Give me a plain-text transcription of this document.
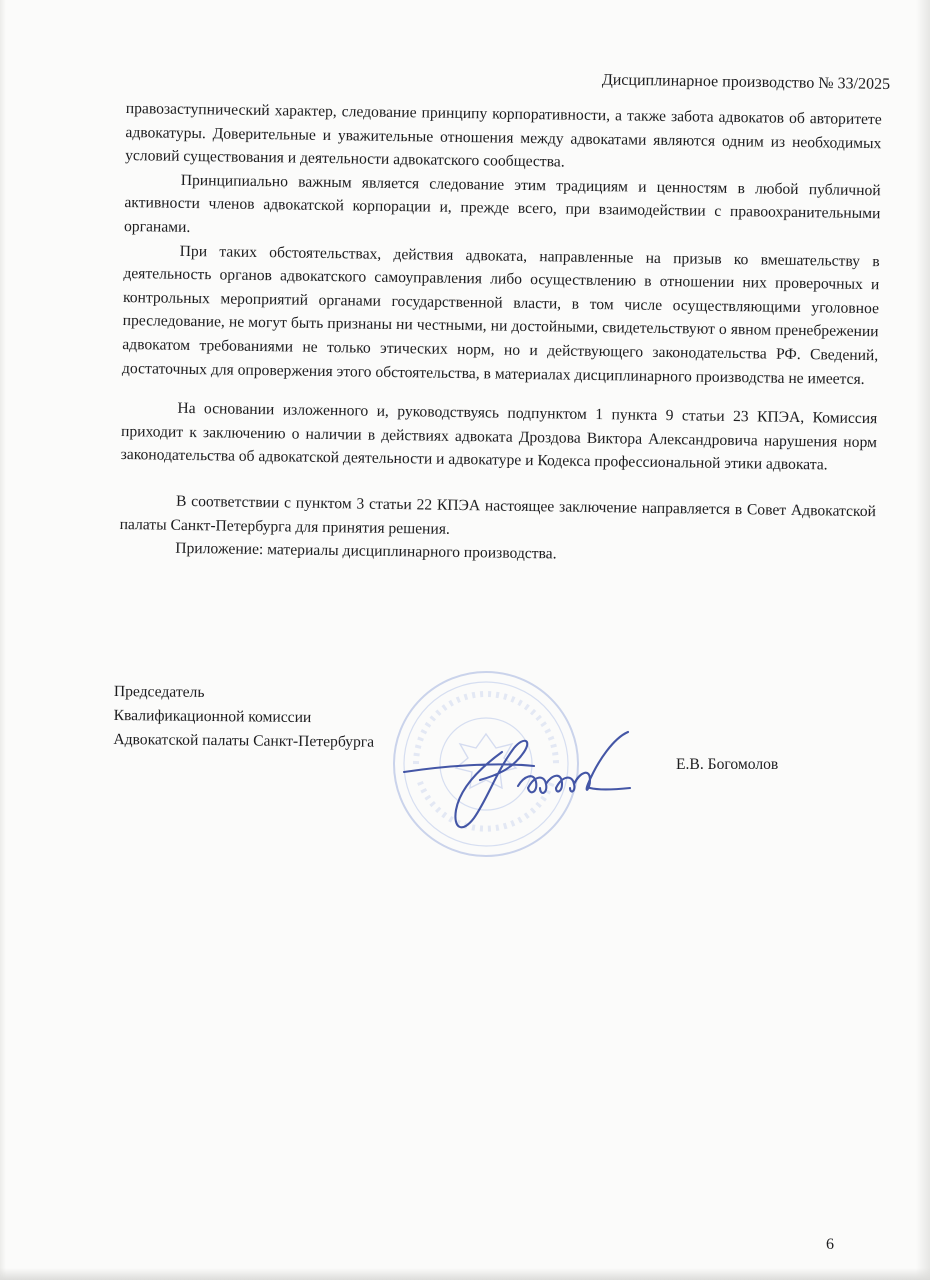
Дисциплинарное производство № 33/2025

правозаступнический характер, следование принципу корпоративности, а также забота адвокатов об авторитете адвокатуры. Доверительные и уважительные отношения между адвокатами являются одним из необходимых условий существования и деятельности адвокатского сообщества.

Принципиально важным является следование этим традициям и ценностям в любой публичной активности членов адвокатской корпорации и, прежде всего, при взаимодействии с правоохранительными органами.

При таких обстоятельствах, действия адвоката, направленные на призыв ко вмешательству в деятельность органов адвокатского самоуправления либо осуществлению в отношении них проверочных и контрольных мероприятий органами государственной власти, в том числе осуществляющими уголовное преследование, не могут быть признаны ни честными, ни достойными, свидетельствуют о явном пренебрежении адвокатом требованиями не только этических норм, но и действующего законодательства РФ. Сведений, достаточных для опровержения этого обстоятельства, в материалах дисциплинарного производства не имеется.

На основании изложенного и, руководствуясь подпунктом 1 пункта 9 статьи 23 КПЭА, Комиссия приходит к заключению о наличии в действиях адвоката Дроздова Виктора Александровича нарушения норм законодательства об адвокатской деятельности и адвокатуре и Кодекса профессиональной этики адвоката.

В соответствии с пунктом 3 статьи 22 КПЭА настоящее заключение направляется в Совет Адвокатской палаты Санкт-Петербурга для принятия решения.

Приложение: материалы дисциплинарного производства.

Председатель
Квалификационной комиссии
Адвокатской палаты Санкт-Петербурга
Е.В. Богомолов
6
